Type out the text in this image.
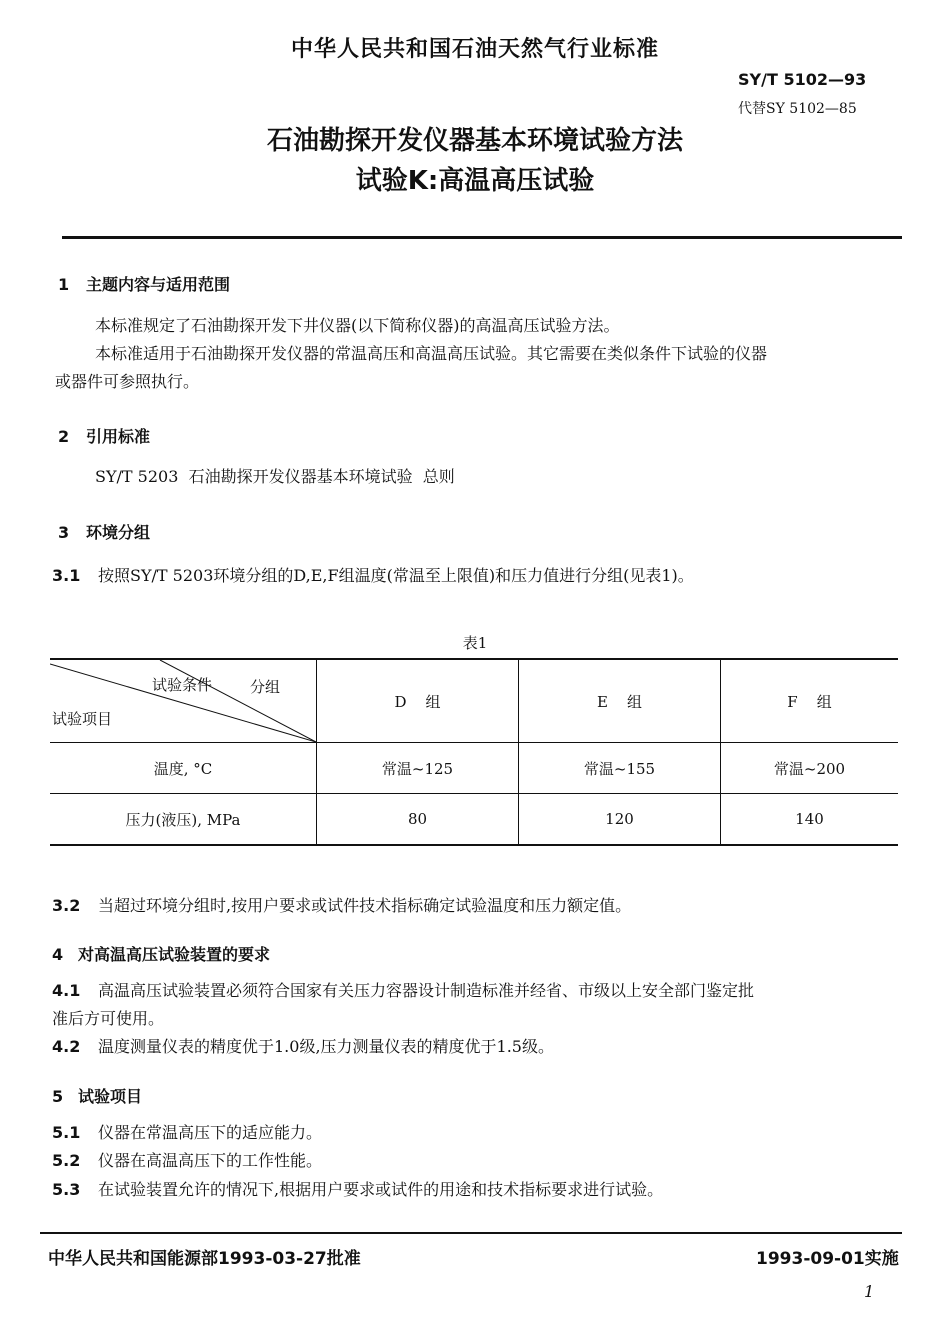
中华人民共和国石油天然气行业标准
SY/T 5102—93
代替SY 5102—85
石油勘探开发仪器基本环境试验方法
试验K:高温高压试验
1 主题内容与适用范围
本标准规定了石油勘探开发下井仪器(以下简称仪器)的高温高压试验方法。
本标准适用于石油勘探开发仪器的常温高压和高温高压试验。其它需要在类似条件下试验的仪器
或器件可参照执行。
2 引用标准
SY/T 5203  石油勘探开发仪器基本环境试验  总则
3 环境分组
3.1 按照SY/T 5203环境分组的D,E,F组温度(常温至上限值)和压力值进行分组(见表1)。
表1
试验条件 分组
试验项目	D    组	E    组	F    组
温度, °C	常温~125	常温~155	常温~200
压力(液压), MPa	80	120	140
3.2 当超过环境分组时,按用户要求或试件技术指标确定试验温度和压力额定值。
4 对高温高压试验装置的要求
4.1 高温高压试验装置必须符合国家有关压力容器设计制造标准并经省、市级以上安全部门鉴定批
准后方可使用。
4.2 温度测量仪表的精度优于1.0级,压力测量仪表的精度优于1.5级。
5 试验项目
5.1 仪器在常温高压下的适应能力。
5.2 仪器在高温高压下的工作性能。
5.3 在试验装置允许的情况下,根据用户要求或试件的用途和技术指标要求进行试验。
中华人民共和国能源部1993-03-27批准	1993-09-01实施
1
